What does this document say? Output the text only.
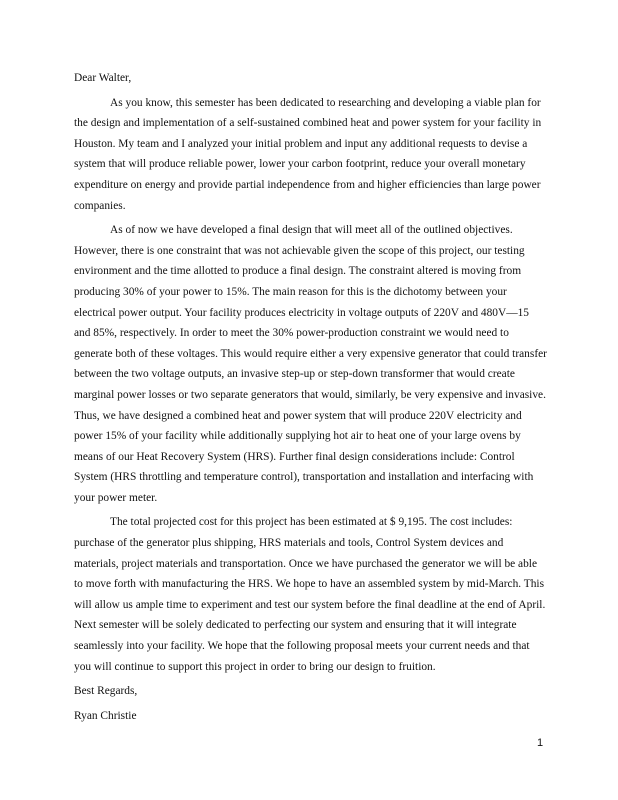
Dear Walter,

As you know, this semester has been dedicated to researching and developing a viable plan for the design and implementation of a self-sustained combined heat and power system for your facility in Houston. My team and I analyzed your initial problem and input any additional requests to devise a system that will produce reliable power, lower your carbon footprint, reduce your overall monetary expenditure on energy and provide partial independence from and higher efficiencies than large power companies.

As of now we have developed a final design that will meet all of the outlined objectives. However, there is one constraint that was not achievable given the scope of this project, our testing environment and the time allotted to produce a final design. The constraint altered is moving from producing 30% of your power to 15%. The main reason for this is the dichotomy between your electrical power output. Your facility produces electricity in voltage outputs of 220V and 480V—15 and 85%, respectively. In order to meet the 30% power-production constraint we would need to generate both of these voltages. This would require either a very expensive generator that could transfer between the two voltage outputs, an invasive step-up or step-down transformer that would create marginal power losses or two separate generators that would, similarly, be very expensive and invasive. Thus, we have designed a combined heat and power system that will produce 220V electricity and power 15% of your facility while additionally supplying hot air to heat one of your large ovens by means of our Heat Recovery System (HRS). Further final design considerations include: Control System (HRS throttling and temperature control), transportation and installation and interfacing with your power meter.

The total projected cost for this project has been estimated at $ 9,195. The cost includes: purchase of the generator plus shipping, HRS materials and tools, Control System devices and materials, project materials and transportation. Once we have purchased the generator we will be able to move forth with manufacturing the HRS. We hope to have an assembled system by mid-March. This will allow us ample time to experiment and test our system before the final deadline at the end of April. Next semester will be solely dedicated to perfecting our system and ensuring that it will integrate seamlessly into your facility. We hope that the following proposal meets your current needs and that you will continue to support this project in order to bring our design to fruition.

Best Regards,

Ryan Christie

1
